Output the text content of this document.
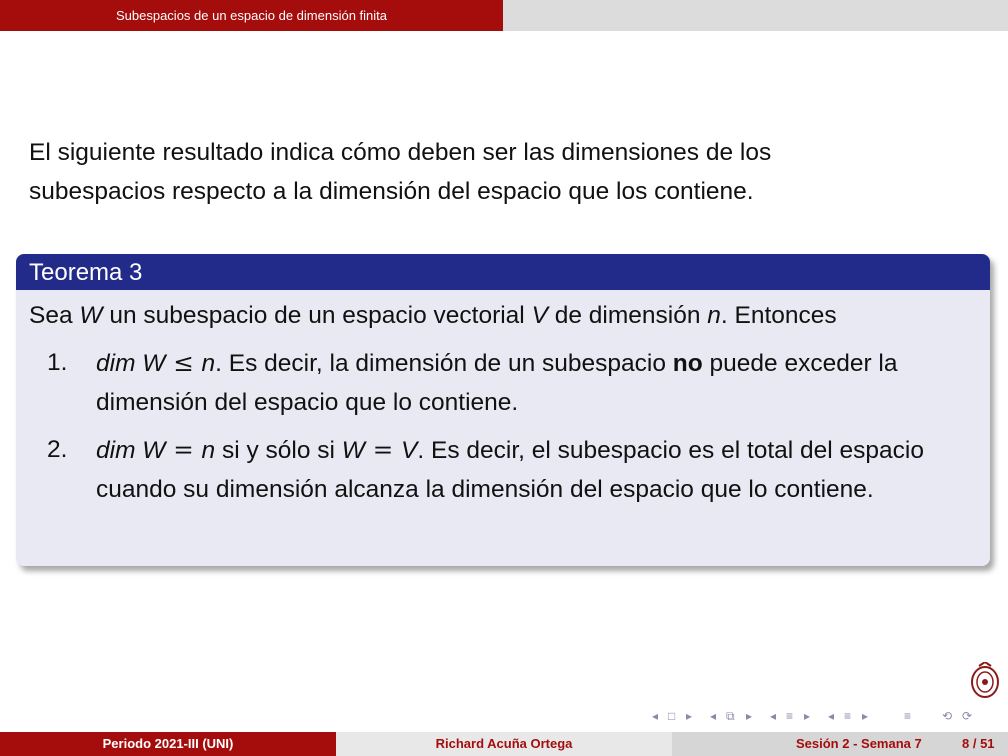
Subespacios de un espacio de dimensión finita
El siguiente resultado indica cómo deben ser las dimensiones de los
subespacios respecto a la dimensión del espacio que los contiene.
Teorema 3
Sea W un subespacio de un espacio vectorial V de dimensión n. Entonces
1. dim W ≤ n. Es decir, la dimensión de un subespacio no puede exceder la dimensión del espacio que lo contiene.
2. dim W = n si y sólo si W = V. Es decir, el subespacio es el total del espacio cuando su dimensión alcanza la dimensión del espacio que lo contiene.
◂ □ ▸ ◂ ⧉ ▸ ◂ ≡ ▸ ◂ ≡ ▸	≡	⟲ ⟳
Periodo 2021-III (UNI)	Richard Acuña Ortega	Sesión 2 - Semana 7	8 / 51
